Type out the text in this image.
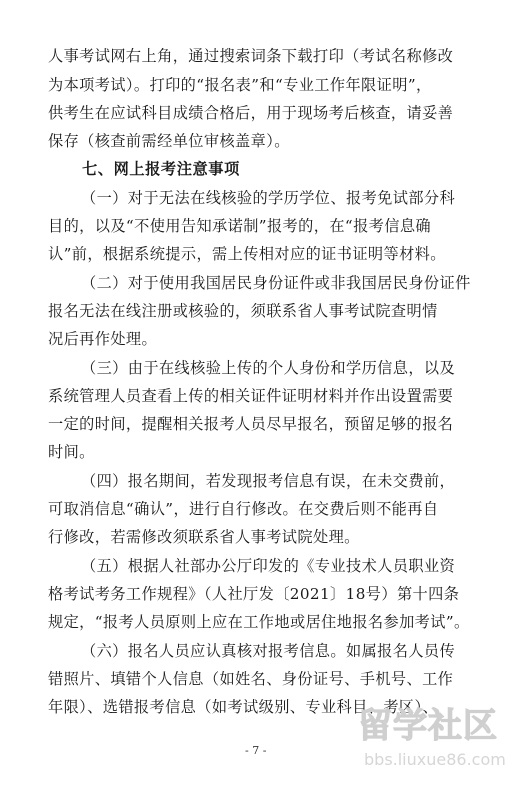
人事考试网右上角，通过搜索词条下载打印（考试名称修改
为本项考试）。打印的“报名表”和“专业工作年限证明”，
供考生在应试科目成绩合格后，用于现场考后核查，请妥善
保存（核查前需经单位审核盖章）。
七、网上报考注意事项
（一）对于无法在线核验的学历学位、报考免试部分科
目的，以及“不使用告知承诺制”报考的，在“报考信息确
认”前，根据系统提示，需上传相对应的证书证明等材料。
（二）对于使用我国居民身份证件或非我国居民身份证件
报名无法在线注册或核验的，须联系省人事考试院查明情
况后再作处理。
（三）由于在线核验上传的个人身份和学历信息，以及
系统管理人员查看上传的相关证件证明材料并作出设置需要
一定的时间，提醒相关报考人员尽早报名，预留足够的报名
时间。
（四）报名期间，若发现报考信息有误，在未交费前，
可取消信息“确认”，进行自行修改。在交费后则不能再自
行修改，若需修改须联系省人事考试院处理。
（五）根据人社部办公厅印发的《专业技术人员职业资
格考试考务工作规程》（人社厅发〔2021〕18号）第十四条
规定，“报考人员原则上应在工作地或居住地报名参加考试”。
（六）报名人员应认真核对报考信息。如属报名人员传
错照片、填错个人信息（如姓名、身份证号、手机号、工作
年限）、选错报考信息（如考试级别、专业科目、考区）、
- 7 -
留学社区
bbs.liuxue86.com
